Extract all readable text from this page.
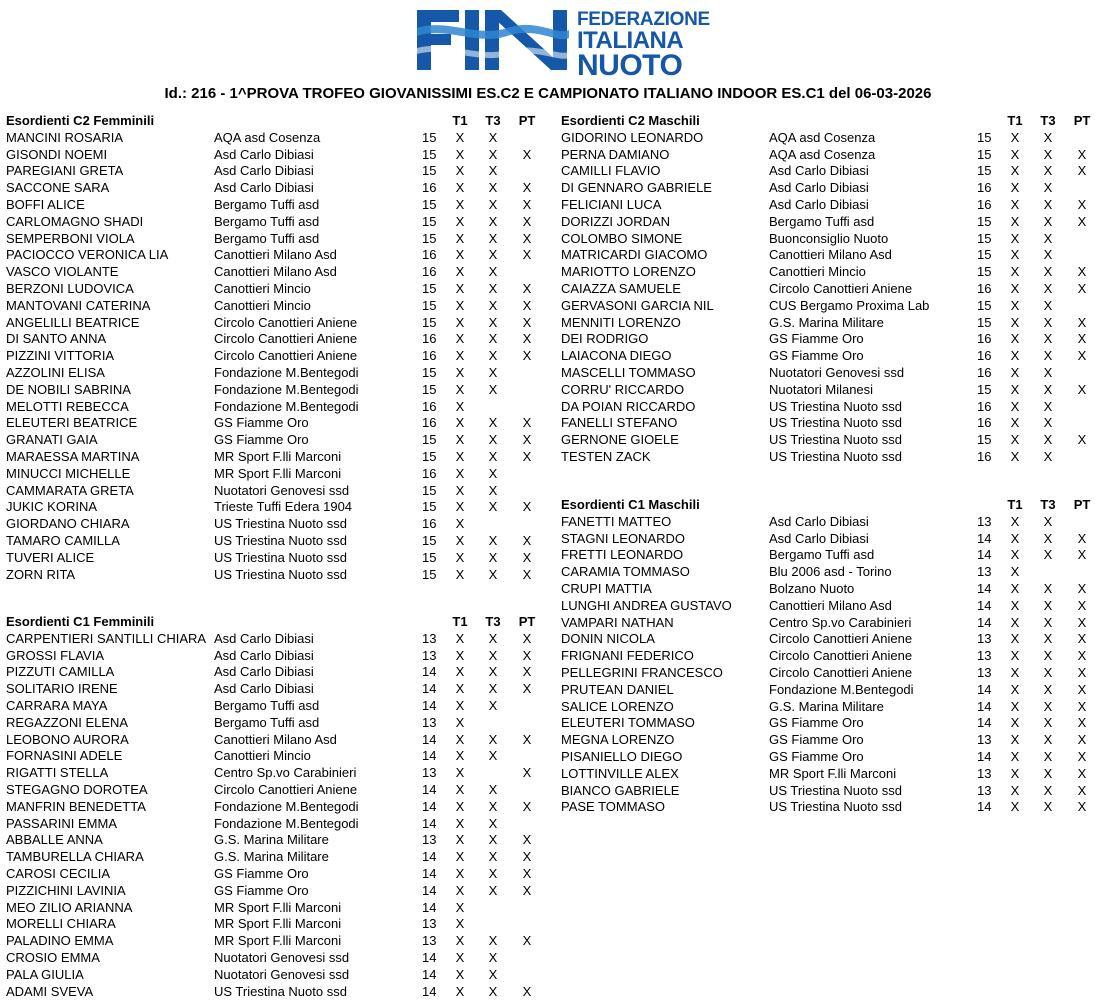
FEDERAZIONE
ITALIANA
NUOTO
Id.: 216 - 1^PROVA TROFEO GIOVANISSIMI ES.C2 E CAMPIONATO ITALIANO INDOOR ES.C1 del 06-03-2026
Esordienti C2 Femminili	T1 T3 PT
MANCINI ROSARIA	AQA asd Cosenza	15 X X
GISONDI NOEMI	Asd Carlo Dibiasi	15 X X	X
PAREGIANI GRETA	Asd Carlo Dibiasi	15 X X
SACCONE SARA	Asd Carlo Dibiasi	16 X X	X
BOFFI ALICE	Bergamo Tuffi asd	15 X X	X
CARLOMAGNO SHADI	Bergamo Tuffi asd	15 X X	X
SEMPERBONI VIOLA	Bergamo Tuffi asd	15 X X	X
PACIOCCO VERONICA LIA	Canottieri Milano Asd	16 X X	X
VASCO VIOLANTE	Canottieri Milano Asd	16 X X
BERZONI LUDOVICA	Canottieri Mincio	15 X X	X
MANTOVANI CATERINA	Canottieri Mincio	15 X X	X
ANGELILLI BEATRICE	Circolo Canottieri Aniene	15 X X	X
DI SANTO ANNA	Circolo Canottieri Aniene	16 X X	X
PIZZINI VITTORIA	Circolo Canottieri Aniene	16 X X	X
AZZOLINI ELISA	Fondazione M.Bentegodi	15 X X
DE NOBILI SABRINA	Fondazione M.Bentegodi	15 X X
MELOTTI REBECCA	Fondazione M.Bentegodi	16 X
ELEUTERI BEATRICE	GS Fiamme Oro	16 X X	X
GRANATI GAIA	GS Fiamme Oro	15 X X	X
MARAESSA MARTINA	MR Sport F.lli Marconi	15 X X	X
MINUCCI MICHELLE	MR Sport F.lli Marconi	16 X X
CAMMARATA GRETA	Nuotatori Genovesi ssd	15 X X
JUKIC KORINA	Trieste Tuffi Edera 1904	15 X X	X
GIORDANO CHIARA	US Triestina Nuoto ssd	16 X
TAMARO CAMILLA	US Triestina Nuoto ssd	15 X X	X
TUVERI ALICE	US Triestina Nuoto ssd	15 X X	X
ZORN RITA	US Triestina Nuoto ssd	15 X X	X
Esordienti C1 Femminili	T1 T3 PT
CARPENTIERI SANTILLI CHIARA Asd Carlo Dibiasi	13 X X	X
GROSSI FLAVIA	Asd Carlo Dibiasi	13 X X	X
PIZZUTI CAMILLA	Asd Carlo Dibiasi	14 X X	X
SOLITARIO IRENE	Asd Carlo Dibiasi	14 X X	X
CARRARA MAYA	Bergamo Tuffi asd	14 X X
REGAZZONI ELENA	Bergamo Tuffi asd	13 X
LEOBONO AURORA	Canottieri Milano Asd	14 X X	X
FORNASINI ADELE	Canottieri Mincio	14 X X
RIGATTI STELLA	Centro Sp.vo Carabinieri	13 X	X
STEGAGNO DOROTEA	Circolo Canottieri Aniene	14 X X
MANFRIN BENEDETTA	Fondazione M.Bentegodi	14 X X	X
PASSARINI EMMA	Fondazione M.Bentegodi	14 X X
ABBALLE ANNA	G.S. Marina Militare	13 X X	X
TAMBURELLA CHIARA	G.S. Marina Militare	14 X X	X
CAROSI CECILIA	GS Fiamme Oro	14 X X	X
PIZZICHINI LAVINIA	GS Fiamme Oro	14 X X	X
MEO ZILIO ARIANNA	MR Sport F.lli Marconi	14 X
MORELLI CHIARA	MR Sport F.lli Marconi	13 X
PALADINO EMMA	MR Sport F.lli Marconi	13 X X	X
CROSIO EMMA	Nuotatori Genovesi ssd	14 X X
PALA GIULIA	Nuotatori Genovesi ssd	14 X X
ADAMI SVEVA	US Triestina Nuoto ssd	14 X X	X
Esordienti C2 Maschili	T1 T3 PT
GIDORINO LEONARDO	AQA asd Cosenza	15 X X
PERNA DAMIANO	AQA asd Cosenza	15 X X	X
CAMILLI FLAVIO	Asd Carlo Dibiasi	15 X X	X
DI GENNARO GABRIELE	Asd Carlo Dibiasi	16 X X
FELICIANI LUCA	Asd Carlo Dibiasi	16 X X	X
DORIZZI JORDAN	Bergamo Tuffi asd	15 X X	X
COLOMBO SIMONE	Buonconsiglio Nuoto	15 X X
MATRICARDI GIACOMO	Canottieri Milano Asd	15 X X
MARIOTTO LORENZO	Canottieri Mincio	15 X X	X
CAIAZZA SAMUELE	Circolo Canottieri Aniene	16 X X	X
GERVASONI GARCIA NIL	CUS Bergamo Proxima Lab	15 X X
MENNITI LORENZO	G.S. Marina Militare	15 X X	X
DEI RODRIGO	GS Fiamme Oro	16 X X	X
LAIACONA DIEGO	GS Fiamme Oro	16 X X	X
MASCELLI TOMMASO	Nuotatori Genovesi ssd	16 X X
CORRU' RICCARDO	Nuotatori Milanesi	15 X X	X
DA POIAN RICCARDO	US Triestina Nuoto ssd	16 X X
FANELLI STEFANO	US Triestina Nuoto ssd	16 X X
GERNONE GIOELE	US Triestina Nuoto ssd	15 X X	X
TESTEN ZACK	US Triestina Nuoto ssd	16 X X
Esordienti C1 Maschili	T1 T3 PT
FANETTI MATTEO	Asd Carlo Dibiasi	13 X X
STAGNI LEONARDO	Asd Carlo Dibiasi	14 X X	X
FRETTI LEONARDO	Bergamo Tuffi asd	14 X X	X
CARAMIA TOMMASO	Blu 2006 asd - Torino	13 X
CRUPI MATTIA	Bolzano Nuoto	14 X X	X
LUNGHI ANDREA GUSTAVO	Canottieri Milano Asd	14 X X	X
VAMPARI NATHAN	Centro Sp.vo Carabinieri	14 X X	X
DONIN NICOLA	Circolo Canottieri Aniene	13 X X	X
FRIGNANI FEDERICO	Circolo Canottieri Aniene	13 X X	X
PELLEGRINI FRANCESCO	Circolo Canottieri Aniene	13 X X	X
PRUTEAN DANIEL	Fondazione M.Bentegodi	14 X X	X
SALICE LORENZO	G.S. Marina Militare	14 X X	X
ELEUTERI TOMMASO	GS Fiamme Oro	14 X X	X
MEGNA LORENZO	GS Fiamme Oro	13 X X	X
PISANIELLO DIEGO	GS Fiamme Oro	14 X X	X
LOTTINVILLE ALEX	MR Sport F.lli Marconi	13 X X	X
BIANCO GABRIELE	US Triestina Nuoto ssd	13 X X	X
PASE TOMMASO	US Triestina Nuoto ssd	14 X X	X
